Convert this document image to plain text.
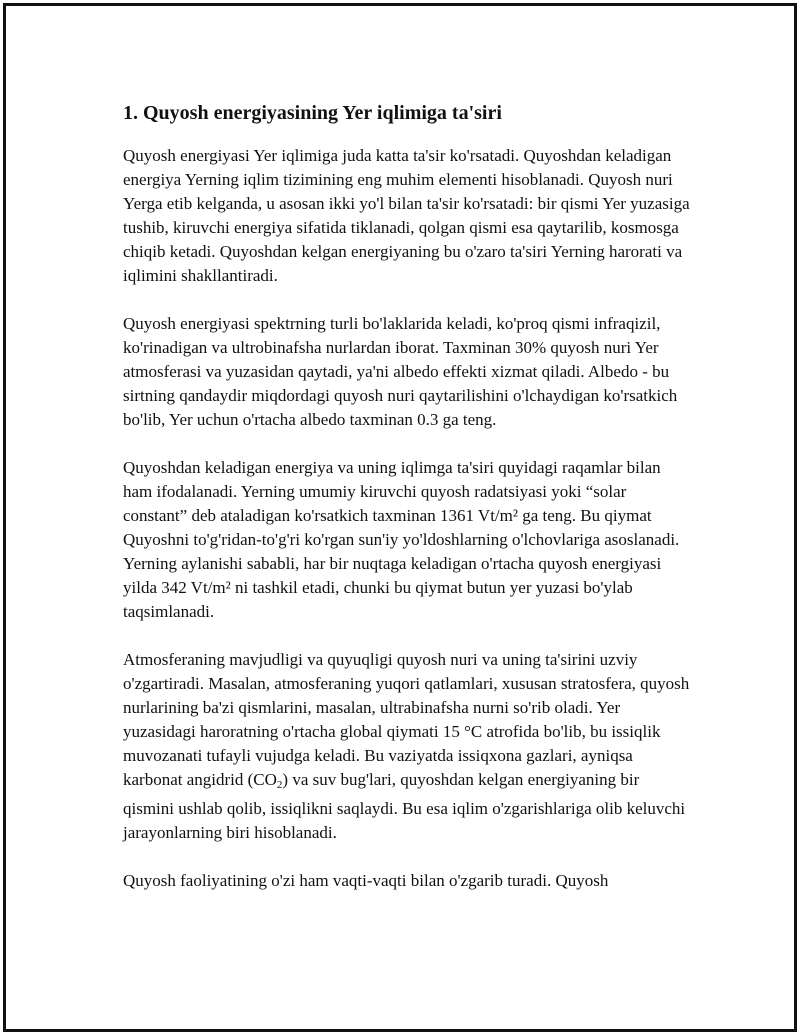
1. Quyosh energiyasining Yer iqlimiga ta'siri

Quyosh energiyasi Yer iqlimiga juda katta ta'sir ko'rsatadi. Quyoshdan keladigan energiya Yerning iqlim tizimining eng muhim elementi hisoblanadi. Quyosh nuri Yerga etib kelganda, u asosan ikki yo'l bilan ta'sir ko'rsatadi: bir qismi Yer yuzasiga tushib, kiruvchi energiya sifatida tiklanadi, qolgan qismi esa qaytarilib, kosmosga chiqib ketadi. Quyoshdan kelgan energiyaning bu o'zaro ta'siri Yerning harorati va iqlimini shakllantiradi.

Quyosh energiyasi spektrning turli bo'laklarida keladi, ko'proq qismi infraqizil, ko'rinadigan va ultrobinafsha nurlardan iborat. Taxminan 30% quyosh nuri Yer atmosferasi va yuzasidan qaytadi, ya'ni albedo effekti xizmat qiladi. Albedo - bu sirtning qandaydir miqdordagi quyosh nuri qaytarilishini o'lchaydigan ko'rsatkich bo'lib, Yer uchun o'rtacha albedo taxminan 0.3 ga teng.

Quyoshdan keladigan energiya va uning iqlimga ta'siri quyidagi raqamlar bilan ham ifodalanadi. Yerning umumiy kiruvchi quyosh radatsiyasi yoki “solar constant” deb ataladigan ko'rsatkich taxminan 1361 Vt/m² ga teng. Bu qiymat Quyoshni to'g'ridan-to'g'ri ko'rgan sun'iy yo'ldoshlarning o'lchovlariga asoslanadi. Yerning aylanishi sababli, har bir nuqtaga keladigan o'rtacha quyosh energiyasi yilda 342 Vt/m² ni tashkil etadi, chunki bu qiymat butun yer yuzasi bo'ylab taqsimlanadi.

Atmosferaning mavjudligi va quyuqligi quyosh nuri va uning ta'sirini uzviy o'zgartiradi. Masalan, atmosferaning yuqori qatlamlari, xususan stratosfera, quyosh nurlarining ba'zi qismlarini, masalan, ultrabinafsha nurni so'rib oladi. Yer yuzasidagi haroratning o'rtacha global qiymati 15 °C atrofida bo'lib, bu issiqlik muvozanati tufayli vujudga keladi. Bu vaziyatda issiqxona gazlari, ayniqsa karbonat angidrid $(CO_2)$ va suv bug'lari, quyoshdan kelgan energiyaning bir qismini ushlab qolib, issiqlikni saqlaydi. Bu esa iqlim o'zgarishlariga olib keluvchi jarayonlarning biri hisoblanadi.

Quyosh faoliyatining o'zi ham vaqti-vaqti bilan o'zgarib turadi. Quyosh
